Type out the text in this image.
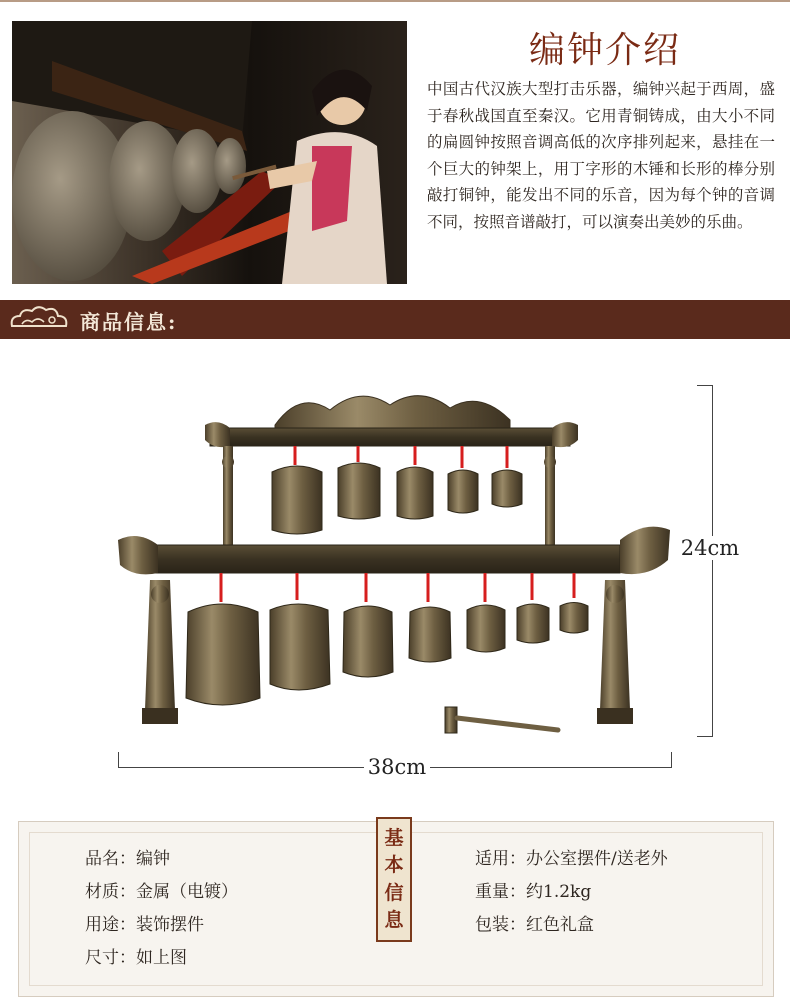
编钟介绍
中国古代汉族大型打击乐器，编钟兴起于西周，盛于春秋战国直至秦汉。它用青铜铸成，由大小不同的扁圆钟按照音调高低的次序排列起来，悬挂在一个巨大的钟架上，用丁字形的木锤和长形的棒分别敲打铜钟，能发出不同的乐音，因为每个钟的音调不同，按照音谱敲打，可以演奏出美妙的乐曲。
商品信息:
24cm
38cm
基
本
信
息
品名：编钟
材质：金属（电镀）
用途：装饰摆件
尺寸：如上图
适用：办公室摆件/送老外
重量：约1.2kg
包装：红色礼盒
